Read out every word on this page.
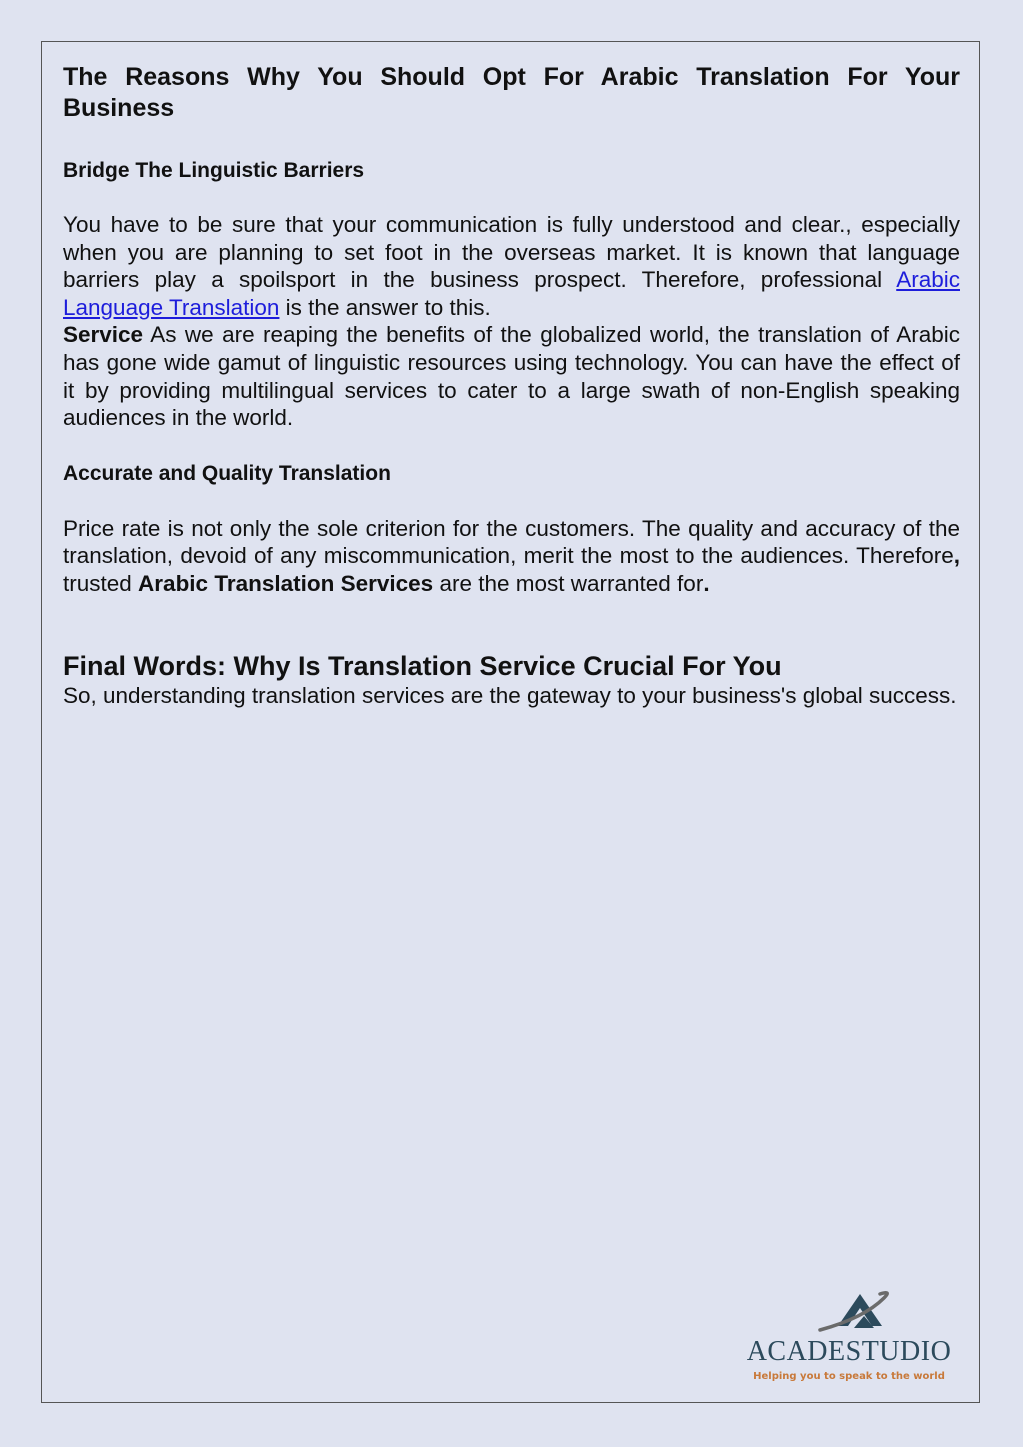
The Reasons Why You Should Opt For Arabic Translation For Your Business
Bridge The Linguistic Barriers

You have to be sure that your communication is fully understood and clear., especially when you are planning to set foot in the overseas market. It is known that language barriers play a spoilsport in the business prospect. Therefore, professional Arabic Language Translation is the answer to this.

Service As we are reaping the benefits of the globalized world, the translation of Arabic has gone wide gamut of linguistic resources using technology. You can have the effect of it by providing multilingual services to cater to a large swath of non-English speaking audiences in the world.

Accurate and Quality Translation

Price rate is not only the sole criterion for the customers. The quality and accuracy of the translation, devoid of any miscommunication, merit the most to the audiences. Therefore, trusted Arabic Translation Services are the most warranted for.

Final Words: Why Is Translation Service Crucial For You

So, understanding translation services are the gateway to your business's global success.

ACADESTUDIO
Helping you to speak to the world
